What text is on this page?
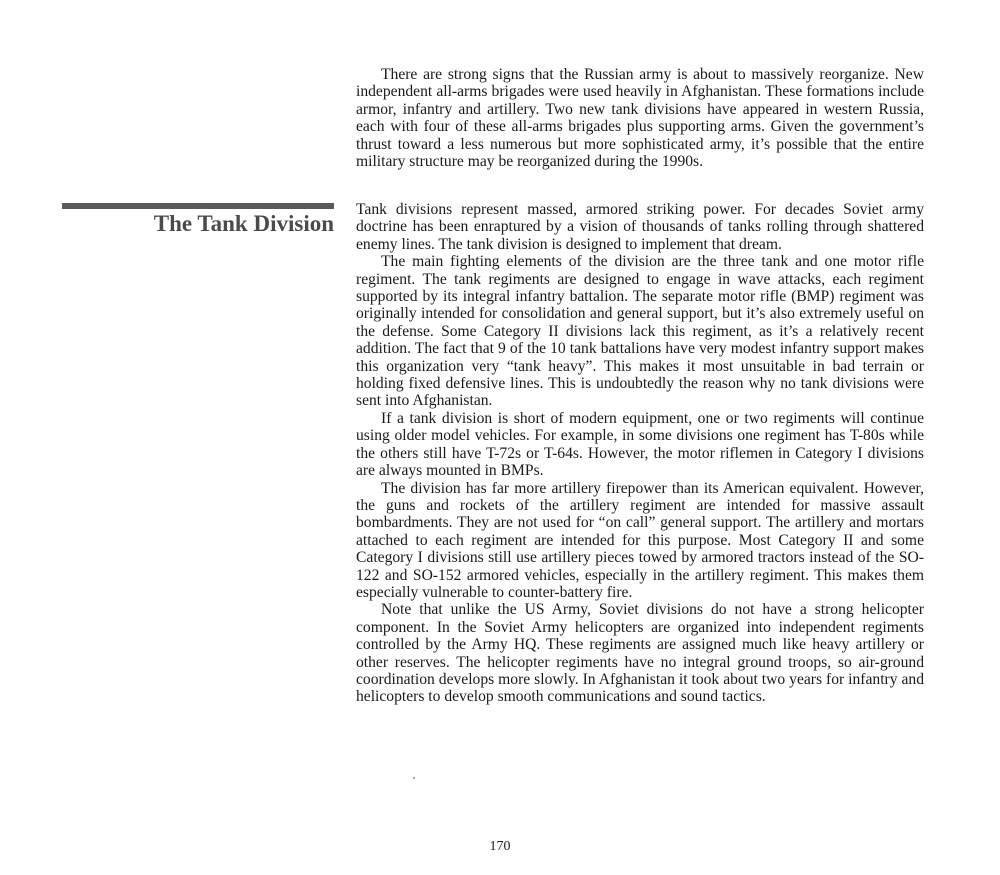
There are strong signs that the Russian army is about to massively reorganize. New independent all-arms brigades were used heavily in Afghanistan. These formations include armor, infantry and artillery. Two new tank divisions have appeared in western Russia, each with four of these all-arms brigades plus supporting arms. Given the government’s thrust toward a less numerous but more sophisticated army, it’s possible that the entire military structure may be reorganized during the 1990s.

The Tank Division

Tank divisions represent massed, armored striking power. For decades Soviet army doctrine has been enraptured by a vision of thousands of tanks rolling through shattered enemy lines. The tank division is designed to implement that dream.

The main fighting elements of the division are the three tank and one motor rifle regiment. The tank regiments are designed to engage in wave attacks, each regiment supported by its integral infantry battalion. The separate motor rifle (BMP) regiment was originally intended for consolidation and general support, but it’s also extremely useful on the defense. Some Category II divisions lack this regiment, as it’s a relatively recent addition. The fact that 9 of the 10 tank battalions have very modest infantry support makes this organization very “tank heavy”. This makes it most unsuitable in bad terrain or holding fixed defensive lines. This is undoubtedly the reason why no tank divisions were sent into Afghanistan.

If a tank division is short of modern equipment, one or two regiments will continue using older model vehicles. For example, in some divisions one regiment has T-80s while the others still have T-72s or T-64s. However, the motor riflemen in Category I divisions are always mounted in BMPs.

The division has far more artillery firepower than its American equivalent. However, the guns and rockets of the artillery regiment are intended for massive assault bombardments. They are not used for “on call” general support. The artillery and mortars attached to each regiment are intended for this purpose. Most Category II and some Category I divisions still use artillery pieces towed by armored tractors instead of the SO-122 and SO-152 armored vehicles, especially in the artillery regiment. This makes them especially vulnerable to counter-battery fire.

Note that unlike the US Army, Soviet divisions do not have a strong helicopter component. In the Soviet Army helicopters are organized into independent regiments controlled by the Army HQ. These regiments are assigned much like heavy artillery or other reserves. The helicopter regiments have no integral ground troops, so air-ground coordination develops more slowly. In Afghanistan it took about two years for infantry and helicopters to develop smooth communications and sound tactics.

170
